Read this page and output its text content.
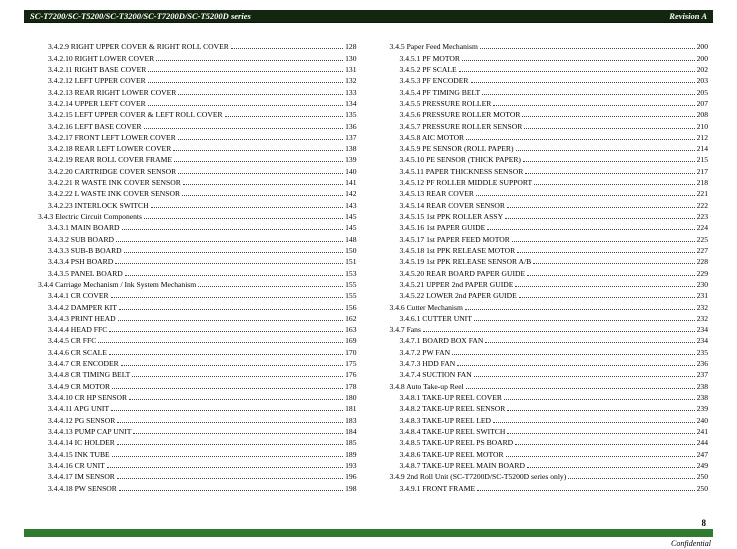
SC-T7200/SC-T5200/SC-T3200/SC-T7200D/SC-T5200D series	Revision A
3.4.2.9 RIGHT UPPER COVER & RIGHT ROLL COVER	128
3.4.2.10 RIGHT LOWER COVER	130
3.4.2.11 RIGHT BASE COVER	131
3.4.2.12 LEFT UPPER COVER	132
3.4.2.13 REAR RIGHT LOWER COVER	133
3.4.2.14 UPPER LEFT COVER	134
3.4.2.15 LEFT UPPER COVER & LEFT ROLL COVER	135
3.4.2.16 LEFT BASE COVER	136
3.4.2.17 FRONT LEFT LOWER COVER	137
3.4.2.18 REAR LEFT LOWER COVER	138
3.4.2.19 REAR ROLL COVER FRAME	139
3.4.2.20 CARTRIDGE COVER SENSOR	140
3.4.2.21 R WASTE INK COVER SENSOR	141
3.4.2.22 L WASTE INK COVER SENSOR	142
3.4.2.23 INTERLOCK SWITCH	143
3.4.3 Electric Circuit Components	145
3.4.3.1 MAIN BOARD	145
3.4.3.2 SUB BOARD	148
3.4.3.3 SUB-B BOARD	150
3.4.3.4 PSH BOARD	151
3.4.3.5 PANEL BOARD	153
3.4.4 Carriage Mechanism / Ink System Mechanism	155
3.4.4.1 CR COVER	155
3.4.4.2 DAMPER KIT	156
3.4.4.3 PRINT HEAD	162
3.4.4.4 HEAD FFC	163
3.4.4.5 CR FFC	169
3.4.4.6 CR SCALE	170
3.4.4.7 CR ENCODER	175
3.4.4.8 CR TIMING BELT	176
3.4.4.9 CR MOTOR	178
3.4.4.10 CR HP SENSOR	180
3.4.4.11 APG UNIT	181
3.4.4.12 PG SENSOR	183
3.4.4.13 PUMP CAP UNIT	184
3.4.4.14 IC HOLDER	185
3.4.4.15 INK TUBE	189
3.4.4.16 CR UNIT	193
3.4.4.17 IM SENSOR	196
3.4.4.18 PW SENSOR	198
3.4.5 Paper Feed Mechanism	200
3.4.5.1 PF MOTOR	200
3.4.5.2 PF SCALE	202
3.4.5.3 PF ENCODER	203
3.4.5.4 PF TIMING BELT	205
3.4.5.5 PRESSURE ROLLER	207
3.4.5.6 PRESSURE ROLLER MOTOR	208
3.4.5.7 PRESSURE ROLLER SENSOR	210
3.4.5.8 AIC MOTOR	212
3.4.5.9 PE SENSOR (ROLL PAPER)	214
3.4.5.10 PE SENSOR (THICK PAPER)	215
3.4.5.11 PAPER THICKNESS SENSOR	217
3.4.5.12 PF ROLLER MIDDLE SUPPORT	218
3.4.5.13 REAR COVER	221
3.4.5.14 REAR COVER SENSOR	222
3.4.5.15 1st PPK ROLLER ASSY	223
3.4.5.16 1st PAPER GUIDE	224
3.4.5.17 1st PAPER FEED MOTOR	225
3.4.5.18 1st PPK RELEASE MOTOR	227
3.4.5.19 1st PPK RELEASE SENSOR A/B	228
3.4.5.20 REAR BOARD PAPER GUIDE	229
3.4.5.21 UPPER 2nd PAPER GUIDE	230
3.4.5.22 LOWER 2nd PAPER GUIDE	231
3.4.6 Cutter Mechanism	232
3.4.6.1 CUTTER UNIT	232
3.4.7 Fans	234
3.4.7.1 BOARD BOX FAN	234
3.4.7.2 PW FAN	235
3.4.7.3 HDD FAN	236
3.4.7.4 SUCTION FAN	237
3.4.8 Auto Take-up Reel	238
3.4.8.1 TAKE-UP REEL COVER	238
3.4.8.2 TAKE-UP REEL SENSOR	239
3.4.8.3 TAKE-UP REEL LED	240
3.4.8.4 TAKE-UP REEL SWITCH	241
3.4.8.5 TAKE-UP REEL PS BOARD	244
3.4.8.6 TAKE-UP REEL MOTOR	247
3.4.8.7 TAKE-UP REEL MAIN BOARD	249
3.4.9 2nd Roll Unit (SC-T7200D/SC-T5200D series only)	250
3.4.9.1 FRONT FRAME	250
8
Confidential
